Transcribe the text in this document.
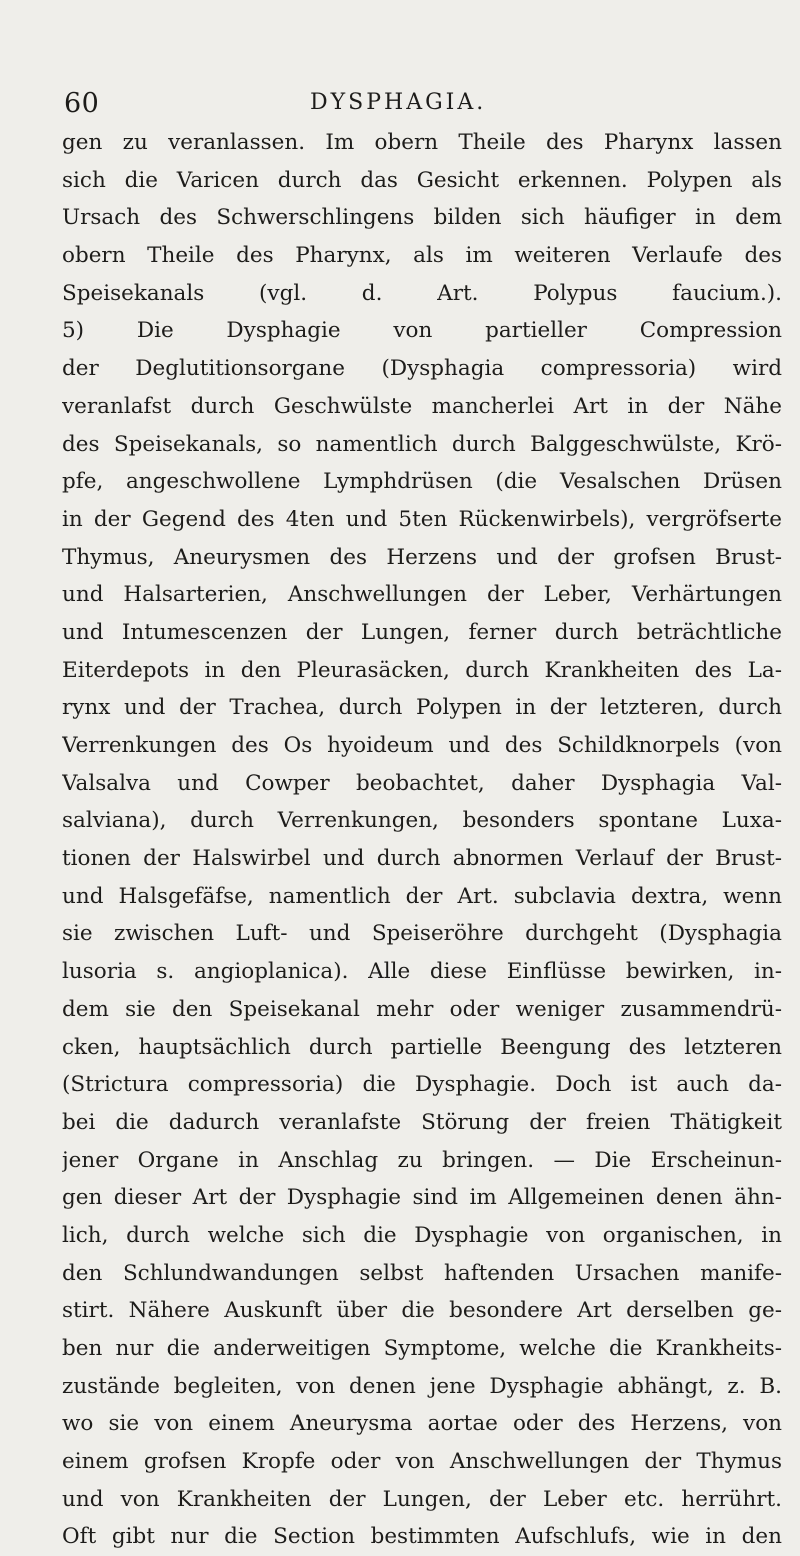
60	DYSPHAGIA.
gen zu veranlassen. Im obern Theile des Pharynx lassen
sich die Varicen durch das Gesicht erkennen. Polypen als
Ursach des Schwerschlingens bilden sich häufiger in dem
obern Theile des Pharynx, als im weiteren Verlaufe des
Speisekanals (vgl. d. Art. Polypus faucium.).
5) Die Dysphagie von partieller Compression
der Deglutitionsorgane (Dysphagia compressoria) wird
veranlafst durch Geschwülste mancherlei Art in der Nähe
des Speisekanals, so namentlich durch Balggeschwülste, Krö-
pfe, angeschwollene Lymphdrüsen (die Vesalschen Drüsen
in der Gegend des 4ten und 5ten Rückenwirbels), vergröfserte
Thymus, Aneurysmen des Herzens und der grofsen Brust-
und Halsarterien, Anschwellungen der Leber, Verhärtungen
und Intumescenzen der Lungen, ferner durch beträchtliche
Eiterdepots in den Pleurasäcken, durch Krankheiten des La-
rynx und der Trachea, durch Polypen in der letzteren, durch
Verrenkungen des Os hyoideum und des Schildknorpels (von
Valsalva und Cowper beobachtet, daher Dysphagia Val-
salviana), durch Verrenkungen, besonders spontane Luxa-
tionen der Halswirbel und durch abnormen Verlauf der Brust-
und Halsgefäfse, namentlich der Art. subclavia dextra, wenn
sie zwischen Luft- und Speiseröhre durchgeht (Dysphagia
lusoria s. angioplanica). Alle diese Einflüsse bewirken, in-
dem sie den Speisekanal mehr oder weniger zusammendrü-
cken, hauptsächlich durch partielle Beengung des letzteren
(Strictura compressoria) die Dysphagie. Doch ist auch da-
bei die dadurch veranlafste Störung der freien Thätigkeit
jener Organe in Anschlag zu bringen. — Die Erscheinun-
gen dieser Art der Dysphagie sind im Allgemeinen denen ähn-
lich, durch welche sich die Dysphagie von organischen, in
den Schlundwandungen selbst haftenden Ursachen manife-
stirt. Nähere Auskunft über die besondere Art derselben ge-
ben nur die anderweitigen Symptome, welche die Krankheits-
zustände begleiten, von denen jene Dysphagie abhängt, z. B.
wo sie von einem Aneurysma aortae oder des Herzens, von
einem grofsen Kropfe oder von Anschwellungen der Thymus
und von Krankheiten der Lungen, der Leber etc. herrührt.
Oft gibt nur die Section bestimmten Aufschlufs, wie in den
